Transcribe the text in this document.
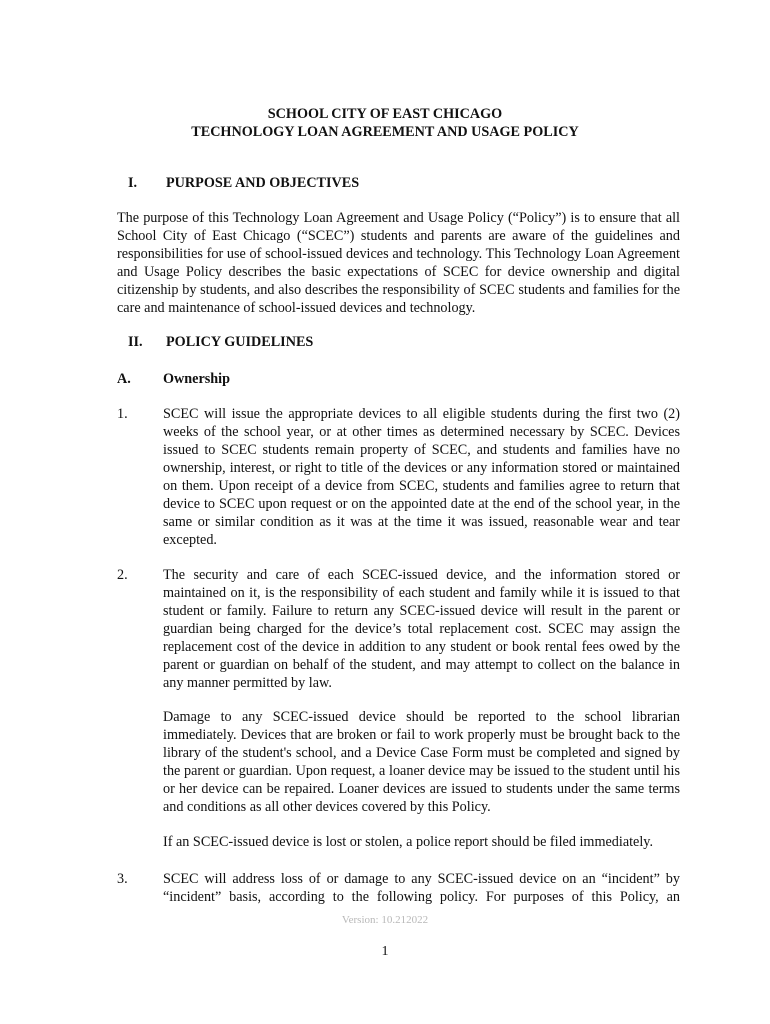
SCHOOL CITY OF EAST CHICAGO
TECHNOLOGY LOAN AGREEMENT AND USAGE POLICY
I. PURPOSE AND OBJECTIVES

The purpose of this Technology Loan Agreement and Usage Policy (“Policy”) is to ensure that all School City of East Chicago (“SCEC”) students and parents are aware of the guidelines and responsibilities for use of school-issued devices and technology. This Technology Loan Agreement and Usage Policy describes the basic expectations of SCEC for device ownership and digital citizenship by students, and also describes the responsibility of SCEC students and families for the care and maintenance of school-issued devices and technology.

II. POLICY GUIDELINES
A. Ownership
1. SCEC will issue the appropriate devices to all eligible students during the first two (2) weeks of the school year, or at other times as determined necessary by SCEC. Devices issued to SCEC students remain property of SCEC, and students and families have no ownership, interest, or right to title of the devices or any information stored or maintained on them. Upon receipt of a device from SCEC, students and families agree to return that device to SCEC upon request or on the appointed date at the end of the school year, in the same or similar condition as it was at the time it was issued, reasonable wear and tear excepted.

2. The security and care of each SCEC-issued device, and the information stored or maintained on it, is the responsibility of each student and family while it is issued to that student or family. Failure to return any SCEC-issued device will result in the parent or guardian being charged for the device’s total replacement cost. SCEC may assign the replacement cost of the device in addition to any student or book rental fees owed by the parent or guardian on behalf of the student, and may attempt to collect on the balance in any manner permitted by law.

Damage to any SCEC-issued device should be reported to the school librarian immediately. Devices that are broken or fail to work properly must be brought back to the library of the student's school, and a Device Case Form must be completed and signed by the parent or guardian. Upon request, a loaner device may be issued to the student until his or her device can be repaired. Loaner devices are issued to students under the same terms and conditions as all other devices covered by this Policy.

If an SCEC-issued device is lost or stolen, a police report should be filed immediately.

3. SCEC will address loss of or damage to any SCEC-issued device on an “incident” by “incident” basis, according to the following policy. For purposes of this Policy, an

Version: 10.212022
1
